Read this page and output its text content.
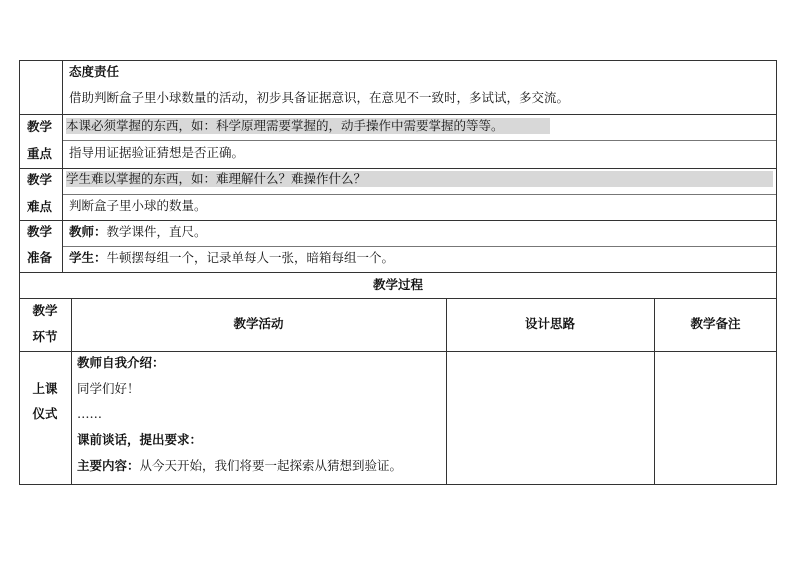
态度责任
借助判断盒子里小球数量的活动，初步具备证据意识，在意见不一致时，多试试，多交流。
教学
重点
本课必须掌握的东西，如：科学原理需要掌握的，动手操作中需要掌握的等等。
指导用证据验证猜想是否正确。
教学
难点
学生难以掌握的东西，如：难理解什么？难操作什么？
判断盒子里小球的数量。
教学
准备
教师：教学课件，直尺。
学生：牛顿摆每组一个，记录单每人一张，暗箱每组一个。
教学过程
教学
环节
教学活动	设计思路	教学备注
上课
仪式
教师自我介绍：
同学们好！
……
课前谈话，提出要求：
主要内容：从今天开始，我们将要一起探索从猜想到验证。
